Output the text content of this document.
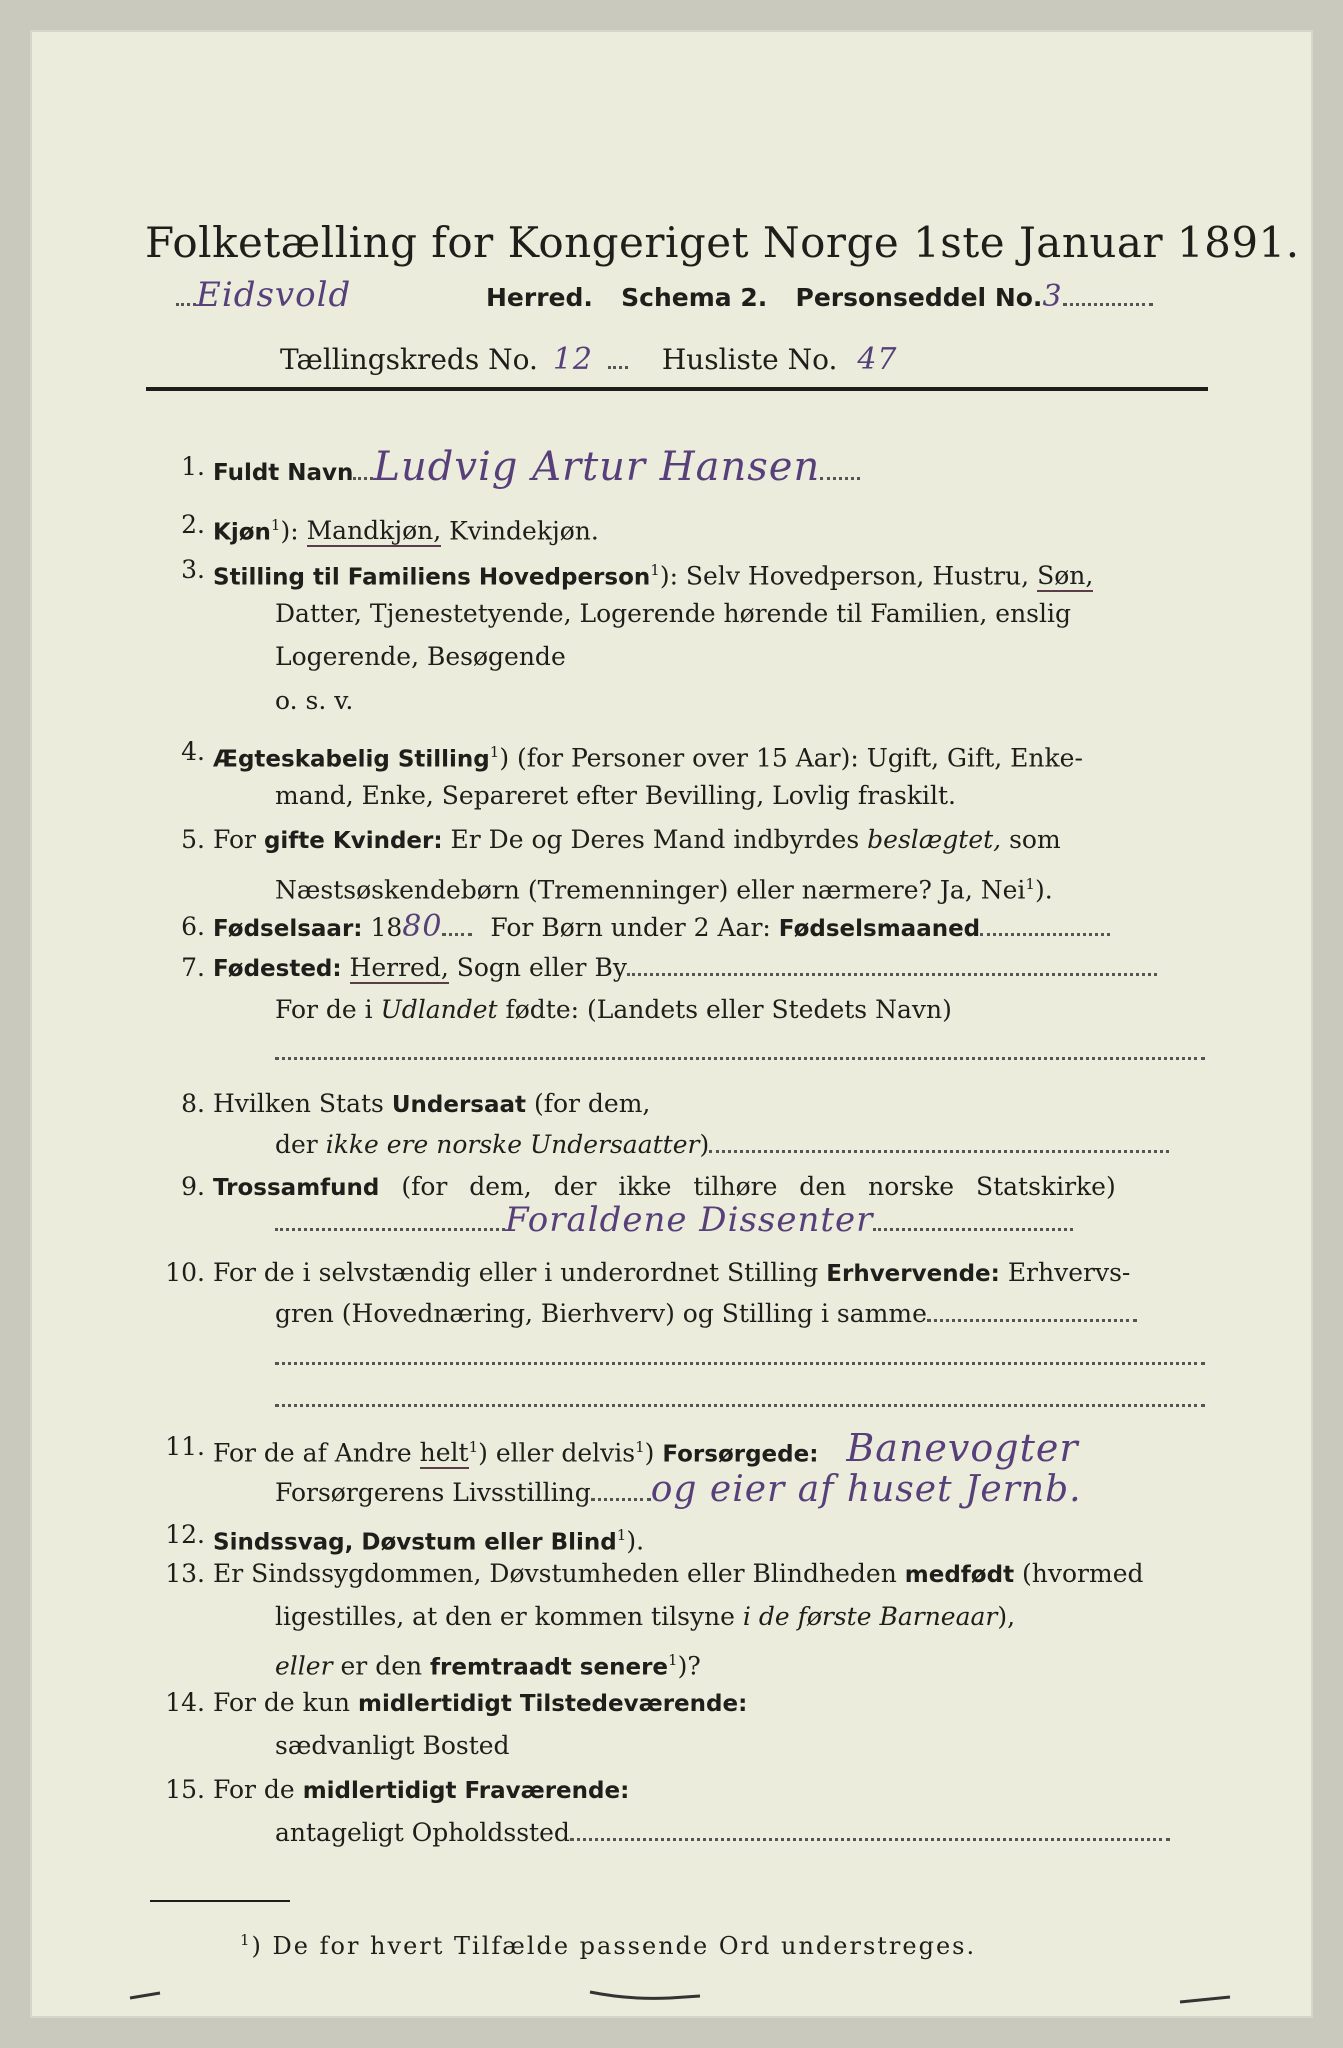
Folketælling for Kongeriget Norge 1ste Januar 1891.
Eidsvold	Herred. Schema 2. Personseddel No.3
Tællingskreds No. 12 Husliste No. 47
1. Fuldt Navn Ludvig Artur Hansen
2. Kjøn$^1$): Mandkjøn, Kvindekjøn.
3. Stilling til Familiens Hovedperson$^1$): Selv Hovedperson, Hustru, Søn,
Datter, Tjenestetyende, Logerende hørende til Familien, enslig
Logerende, Besøgende
o. s. v.
4. Ægteskabelig Stilling$^1$) (for Personer over 15 Aar): Ugift, Gift, Enke-
mand, Enke, Separeret efter Bevilling, Lovlig fraskilt.
5. For gifte Kvinder: Er De og Deres Mand indbyrdes beslægtet, som
Næstsøskendebørn (Tremenninger) eller nærmere? Ja, Nei$^1$).
6. Fødselsaar: 1880 For Børn under 2 Aar: Fødselsmaaned
7. Fødested: Herred, Sogn eller By
For de i Udlandet fødte: (Landets eller Stedets Navn)
8. Hvilken Stats Undersaat (for dem,
der ikke ere norske Undersaatter)
9. Trossamfund (for dem, der ikke tilhøre den norske Statskirke)
Foraldene Dissenter
10. For de i selvstændig eller i underordnet Stilling Erhvervende: Erhvervs-
gren (Hovednæring, Bierhverv) og Stilling i samme
11. For de af Andre helt$^1$) eller delvis$^1$) Forsørgede: Banevogter
Forsørgerens Livsstilling og eier af huset Jernb.
12. Sindssvag, Døvstum eller Blind$^1$).
13. Er Sindssygdommen, Døvstumheden eller Blindheden medfødt (hvormed
ligestilles, at den er kommen tilsyne i de første Barneaar),
eller er den fremtraadt senere$^1$)?
14. For de kun midlertidigt Tilstedeværende:
sædvanligt Bosted
15. For de midlertidigt Fraværende:
antageligt Opholdssted
$^1$) De for hvert Tilfælde passende Ord understreges.
